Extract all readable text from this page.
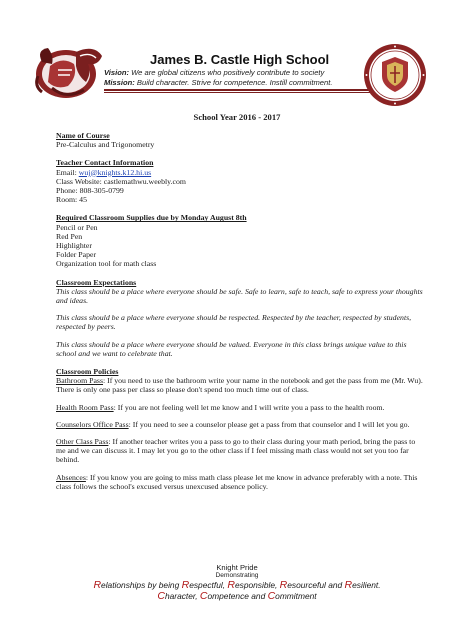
James B. Castle High School
Vision: We are global citizens who positively contribute to society
Mission: Build character. Strive for competence. Instill commitment.
School Year 2016 - 2017

Name of Course

Pre-Calculus and Trigonometry

Teacher Contact Information

Email: wuj@knights.k12.hi.us

Class Website: castlemathwu.weebly.com

Phone: 808-305-0799

Room: 45

Required Classroom Supplies due by Monday August 8th

Pencil or Pen

Red Pen

Highlighter

Folder Paper

Organization tool for math class

Classroom Expectations

This class should be a place where everyone should be safe. Safe to learn, safe to teach, safe to express your thoughts and ideas.

This class should be a place where everyone should be respected. Respected by the teacher, respected by students, respected by peers.

This class should be a place where everyone should be valued. Everyone in this class brings unique value to this school and we want to celebrate that.

Classroom Policies

Bathroom Pass: If you need to use the bathroom write your name in the notebook and get the pass from me (Mr. Wu). There is only one pass per class so please don't spend too much time out of class.

Health Room Pass: If you are not feeling well let me know and I will write you a pass to the health room.

Counselors Office Pass: If you need to see a counselor please get a pass from that counselor and I will let you go.

Other Class Pass: If another teacher writes you a pass to go to their class during your math period, bring the pass to me and we can discuss it. I may let you go to the other class if I feel missing math class would not set you too far behind.

Absences: If you know you are going to miss math class please let me know in advance preferably with a note. This class follows the school's excused versus unexcused absence policy.

Knight Pride
Demonstrating
Relationships by being Respectful, Responsible, Resourceful and Resilient.
Character, Competence and Commitment
